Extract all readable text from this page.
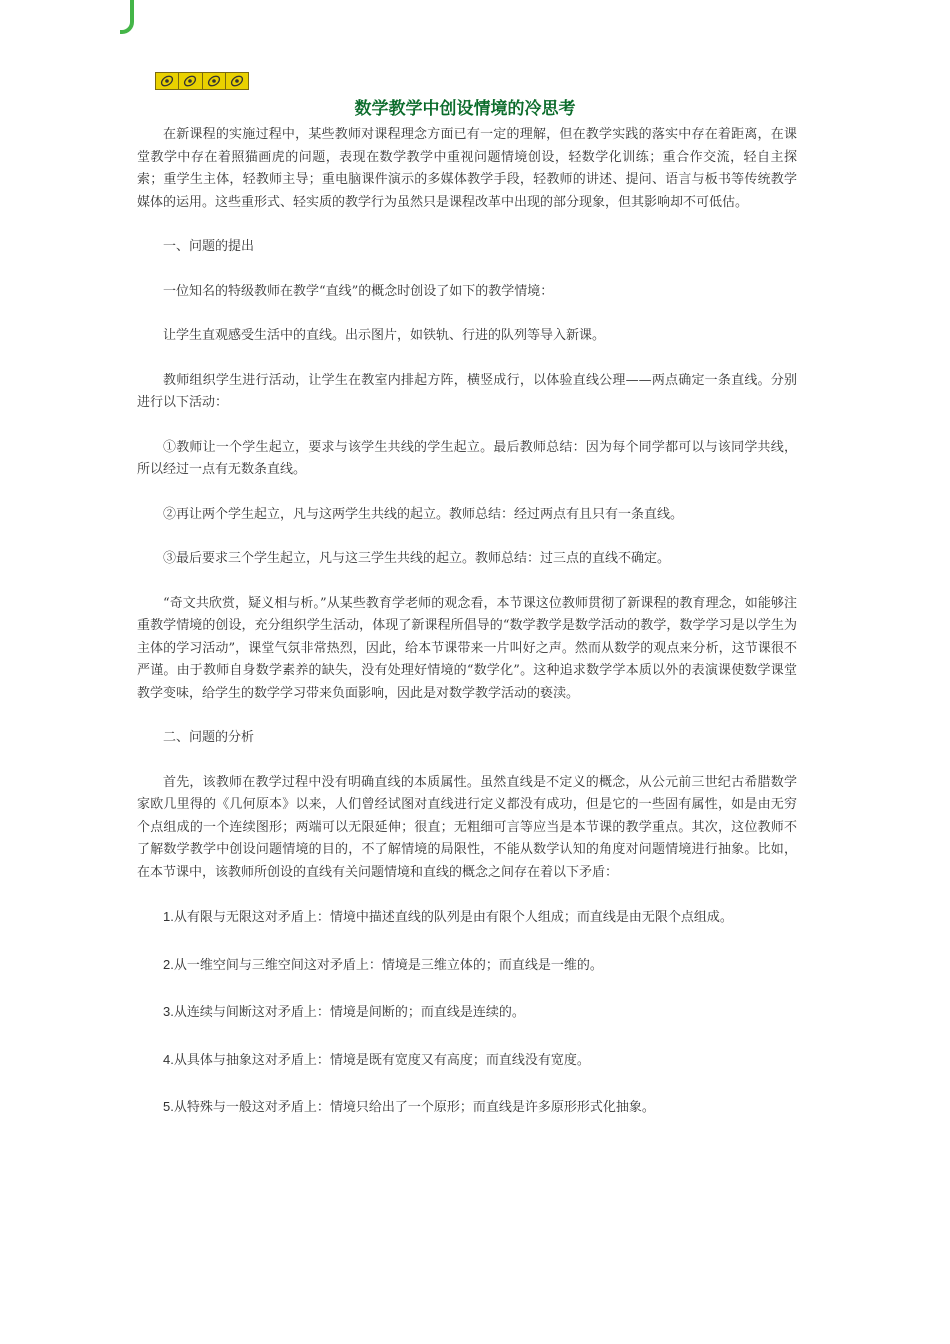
数学教学中创设情境的冷思考

在新课程的实施过程中，某些教师对课程理念方面已有一定的理解，但在教学实践的落实中存在着距离，在课堂教学中存在着照猫画虎的问题，表现在数学教学中重视问题情境创设，轻数学化训练；重合作交流，轻自主探索；重学生主体，轻教师主导；重电脑课件演示的多媒体教学手段，轻教师的讲述、提问、语言与板书等传统教学媒体的运用。这些重形式、轻实质的教学行为虽然只是课程改革中出现的部分现象，但其影响却不可低估。

一、问题的提出

一位知名的特级教师在教学“直线”的概念时创设了如下的教学情境：

让学生直观感受生活中的直线。出示图片，如铁轨、行进的队列等导入新课。

教师组织学生进行活动，让学生在教室内排起方阵，横竖成行，以体验直线公理——两点确定一条直线。分别进行以下活动：

①教师让一个学生起立，要求与该学生共线的学生起立。最后教师总结：因为每个同学都可以与该同学共线，所以经过一点有无数条直线。

②再让两个学生起立，凡与这两学生共线的起立。教师总结：经过两点有且只有一条直线。

③最后要求三个学生起立，凡与这三学生共线的起立。教师总结：过三点的直线不确定。

“奇文共欣赏，疑义相与析。”从某些教育学老师的观念看，本节课这位教师贯彻了新课程的教育理念，如能够注重教学情境的创设，充分组织学生活动，体现了新课程所倡导的“数学教学是数学活动的教学，数学学习是以学生为主体的学习活动”，课堂气氛非常热烈，因此，给本节课带来一片叫好之声。然而从数学的观点来分析，这节课很不严谨。由于教师自身数学素养的缺失，没有处理好情境的“数学化”。这种追求数学学本质以外的表演课使数学课堂教学变味，给学生的数学学习带来负面影响，因此是对数学教学活动的亵渎。

二、问题的分析

首先，该教师在教学过程中没有明确直线的本质属性。虽然直线是不定义的概念，从公元前三世纪古希腊数学家欧几里得的《几何原本》以来，人们曾经试图对直线进行定义都没有成功，但是它的一些固有属性，如是由无穷个点组成的一个连续图形；两端可以无限延伸；很直；无粗细可言等应当是本节课的教学重点。其次，这位教师不了解数学教学中创设问题情境的目的，不了解情境的局限性，不能从数学认知的角度对问题情境进行抽象。比如，在本节课中，该教师所创设的直线有关问题情境和直线的概念之间存在着以下矛盾：

1.从有限与无限这对矛盾上：情境中描述直线的队列是由有限个人组成；而直线是由无限个点组成。

2.从一维空间与三维空间这对矛盾上：情境是三维立体的；而直线是一维的。

3.从连续与间断这对矛盾上：情境是间断的；而直线是连续的。

4.从具体与抽象这对矛盾上：情境是既有宽度又有高度；而直线没有宽度。

5.从特殊与一般这对矛盾上：情境只给出了一个原形；而直线是许多原形形式化抽象。
